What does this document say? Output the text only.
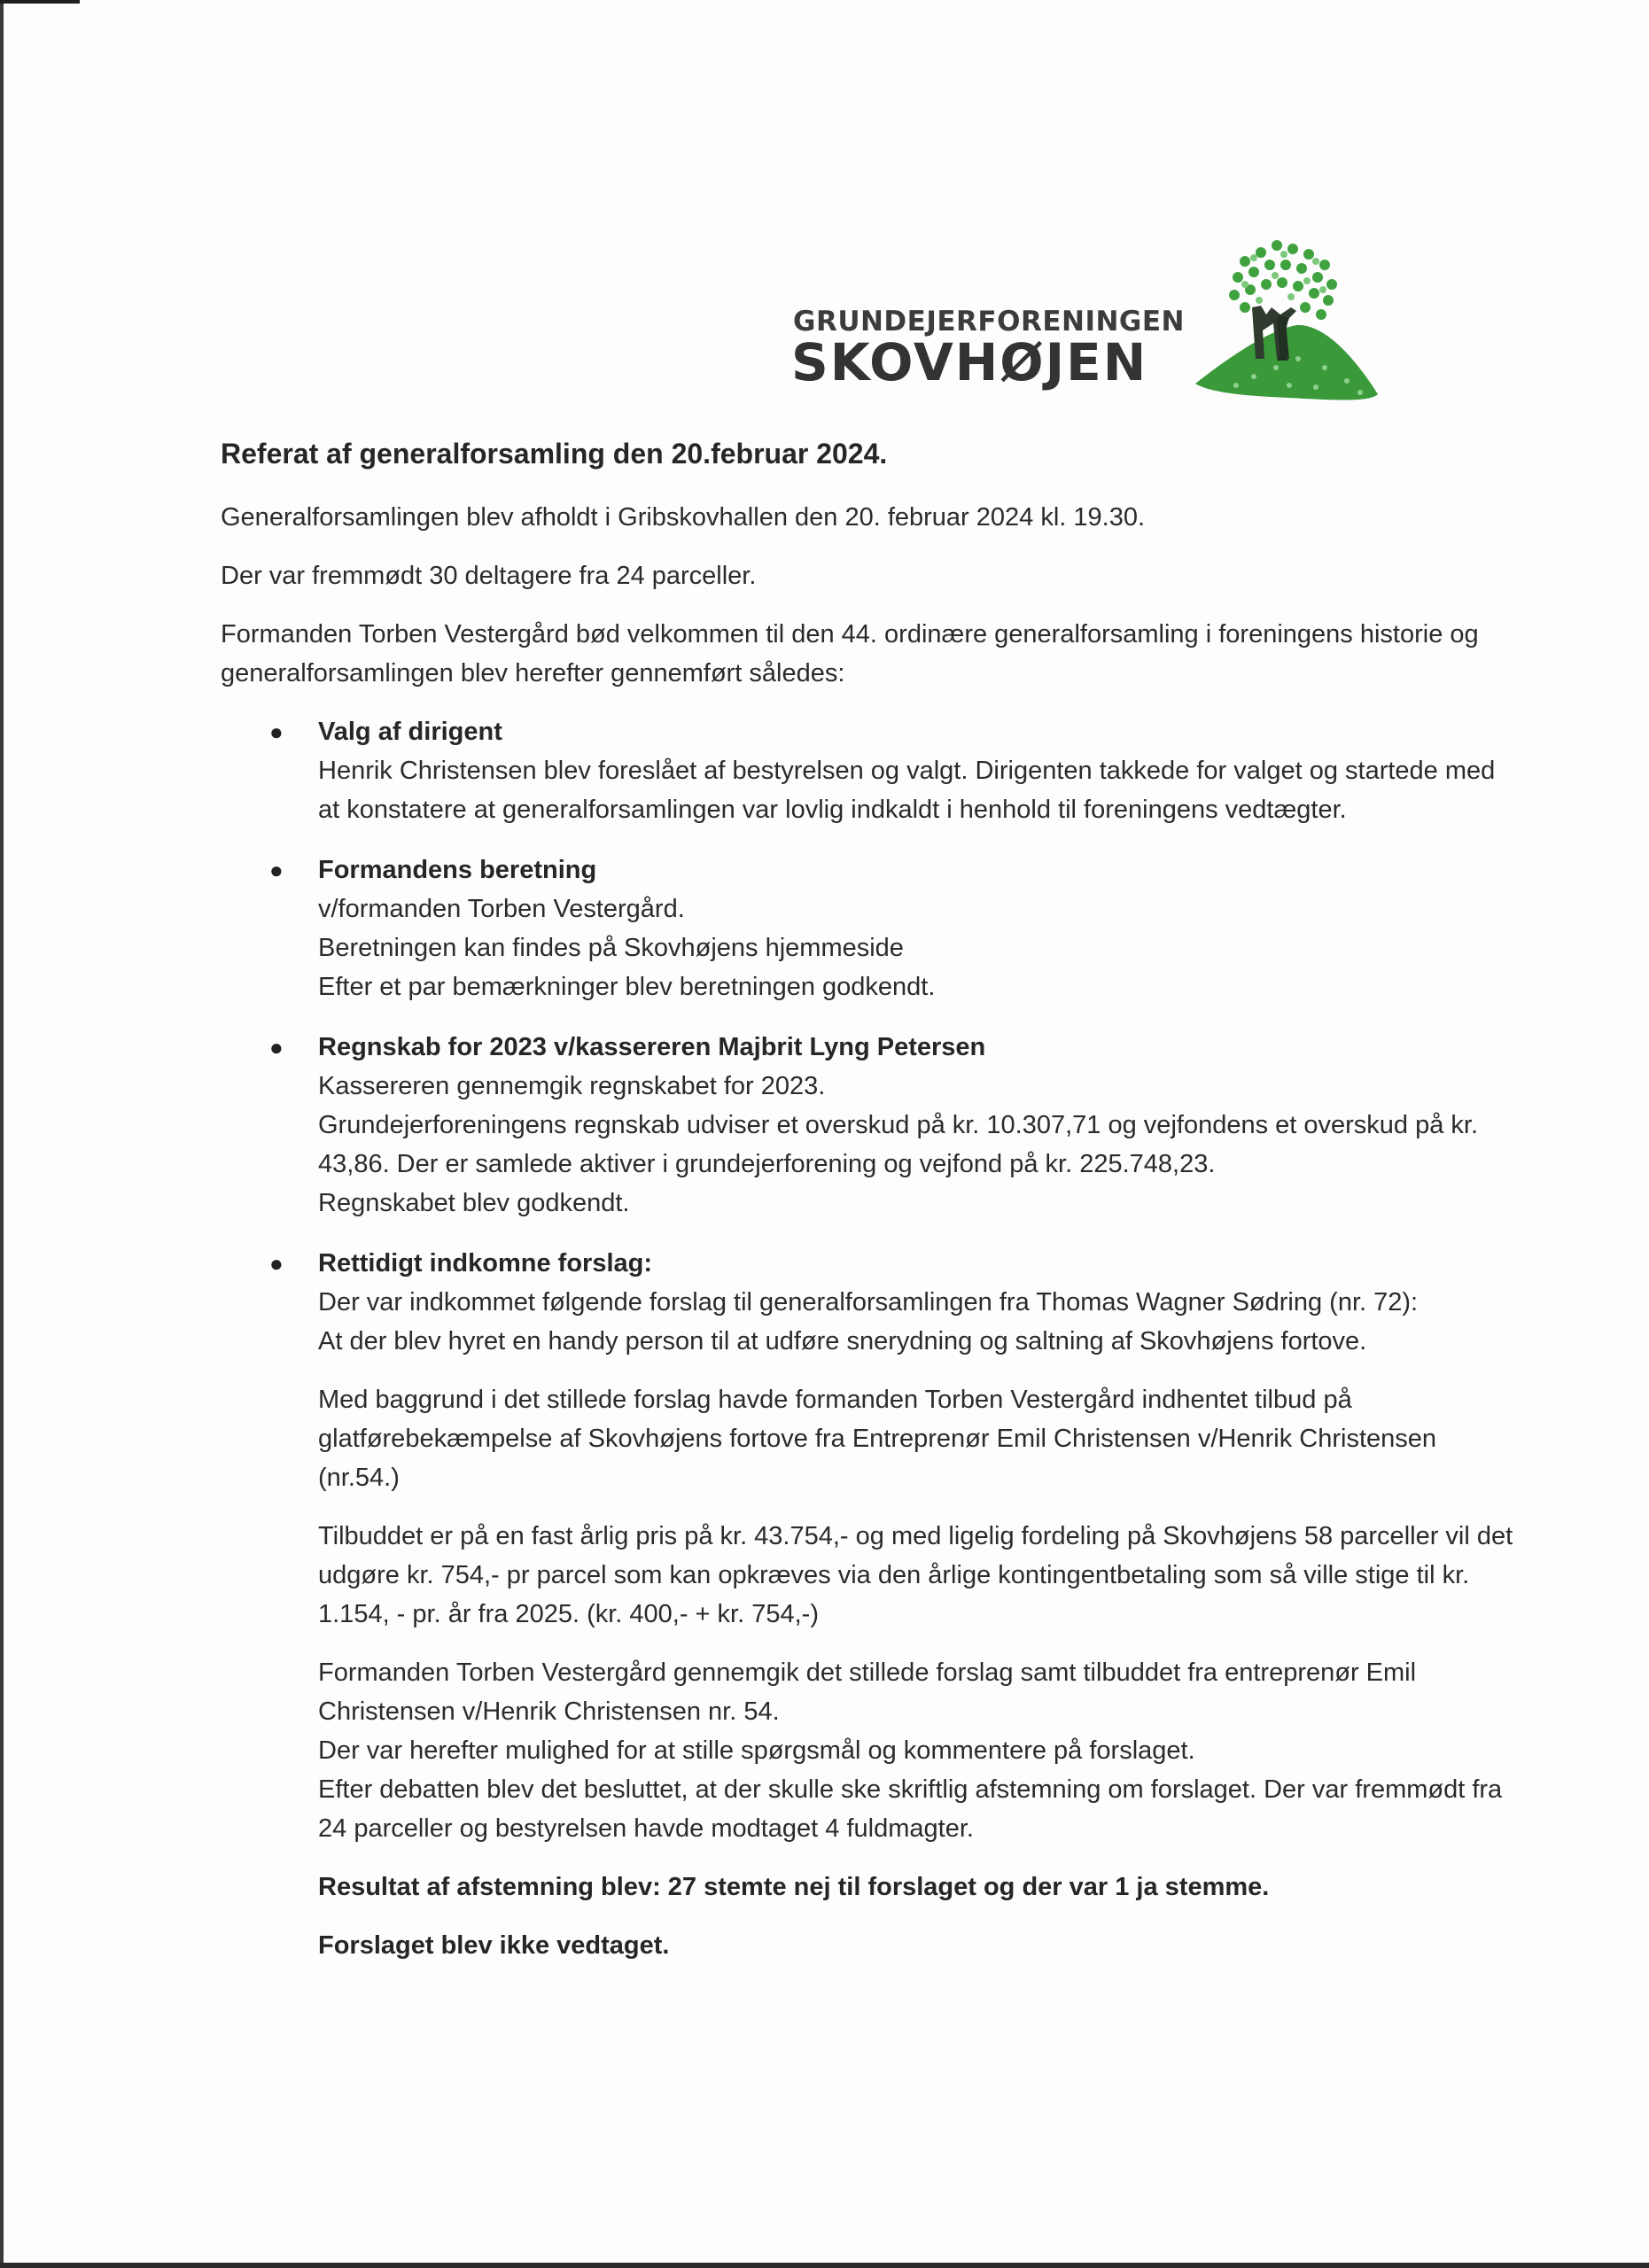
GRUNDEJERFORENINGEN
SKOVHØJEN
Referat af generalforsamling den 20.februar 2024.

Generalforsamlingen blev afholdt i Gribskovhallen den 20. februar 2024 kl. 19.30.

Der var fremmødt 30 deltagere fra 24 parceller.

Formanden Torben Vestergård bød velkommen til den 44. ordinære generalforsamling i foreningens historie og generalforsamlingen blev herefter gennemført således:

● Valg af dirigent
Henrik Christensen blev foreslået af bestyrelsen og valgt. Dirigenten takkede for valget og startede med at konstatere at generalforsamlingen var lovlig indkaldt i henhold til foreningens vedtægter.
● Formandens beretning
v/formanden Torben Vestergård.
Beretningen kan findes på Skovhøjens hjemmeside
Efter et par bemærkninger blev beretningen godkendt.
● Regnskab for 2023 v/kassereren Majbrit Lyng Petersen
Kassereren gennemgik regnskabet for 2023.
Grundejerforeningens regnskab udviser et overskud på kr. 10.307,71 og vejfondens et overskud på kr. 43,86. Der er samlede aktiver i grundejerforening og vejfond på kr. 225.748,23.
Regnskabet blev godkendt.
● Rettidigt indkomne forslag:
Der var indkommet følgende forslag til generalforsamlingen fra Thomas Wagner Sødring (nr. 72):
At der blev hyret en handy person til at udføre snerydning og saltning af Skovhøjens fortove.

Med baggrund i det stillede forslag havde formanden Torben Vestergård indhentet tilbud på glatførebekæmpelse af Skovhøjens fortove fra Entreprenør Emil Christensen v/Henrik Christensen (nr.54.)

Tilbuddet er på en fast årlig pris på kr. 43.754,- og med ligelig fordeling på Skovhøjens 58 parceller vil det udgøre kr. 754,- pr parcel som kan opkræves via den årlige kontingentbetaling som så ville stige til kr. 1.154, - pr. år fra 2025. (kr. 400,- + kr. 754,-)

Formanden Torben Vestergård gennemgik det stillede forslag samt tilbuddet fra entreprenør Emil Christensen v/Henrik Christensen nr. 54.
Der var herefter mulighed for at stille spørgsmål og kommentere på forslaget.
Efter debatten blev det besluttet, at der skulle ske skriftlig afstemning om forslaget. Der var fremmødt fra 24 parceller og bestyrelsen havde modtaget 4 fuldmagter.

Resultat af afstemning blev: 27 stemte nej til forslaget og der var 1 ja stemme.

Forslaget blev ikke vedtaget.
